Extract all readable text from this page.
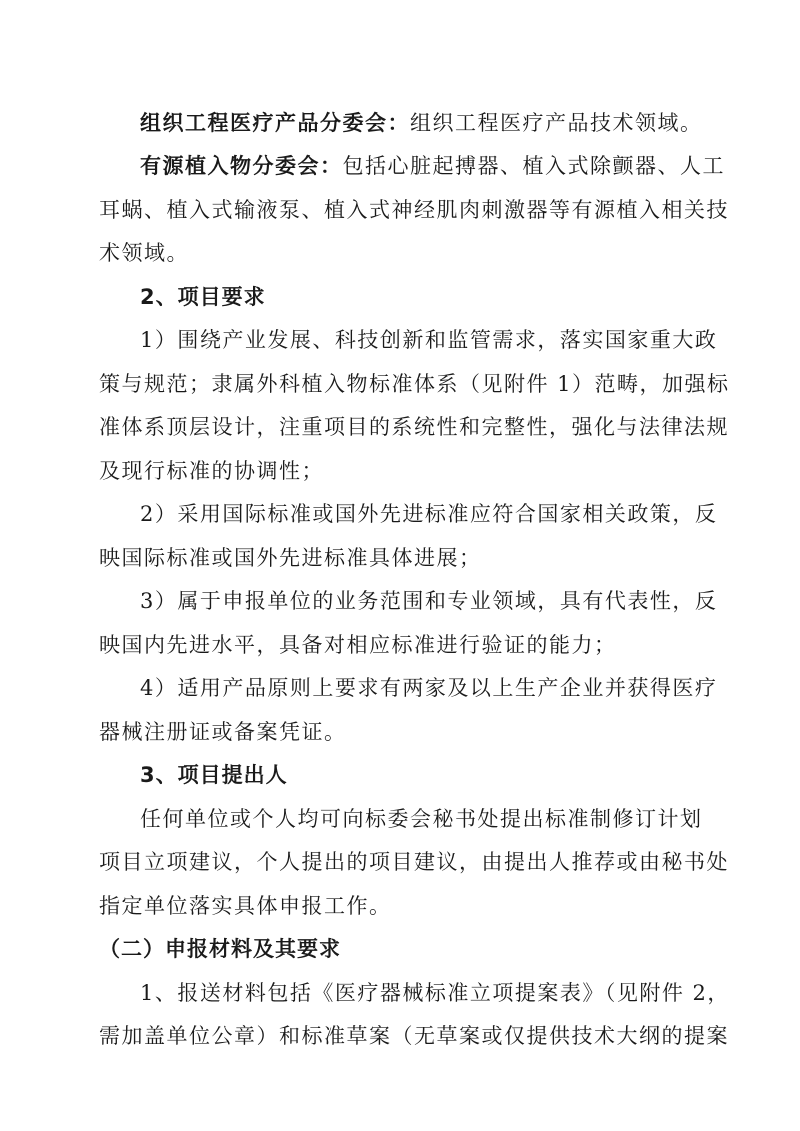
组织工程医疗产品分委会：组织工程医疗产品技术领域。
有源植入物分委会：包括心脏起搏器、植入式除颤器、人工
耳蜗、植入式输液泵、植入式神经肌肉刺激器等有源植入相关技
术领域。
2、项目要求
1）围绕产业发展、科技创新和监管需求，落实国家重大政
策与规范；隶属外科植入物标准体系（见附件 1）范畴，加强标
准体系顶层设计，注重项目的系统性和完整性，强化与法律法规
及现行标准的协调性；
2）采用国际标准或国外先进标准应符合国家相关政策，反
映国际标准或国外先进标准具体进展；
3）属于申报单位的业务范围和专业领域，具有代表性，反
映国内先进水平，具备对相应标准进行验证的能力；
4）适用产品原则上要求有两家及以上生产企业并获得医疗
器械注册证或备案凭证。
3、项目提出人
任何单位或个人均可向标委会秘书处提出标准制修订计划
项目立项建议，个人提出的项目建议，由提出人推荐或由秘书处
指定单位落实具体申报工作。
（二）申报材料及其要求
1、报送材料包括《医疗器械标准立项提案表》（见附件 2，
需加盖单位公章）和标准草案（无草案或仅提供技术大纲的提案
